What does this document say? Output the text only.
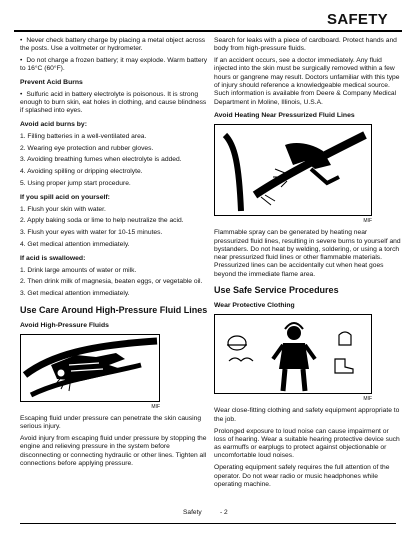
SAFETY

• Never check battery charge by placing a metal object across the posts. Use a voltmeter or hydrometer.

• Do not charge a frozen battery; it may explode. Warm battery to 16°C (60°F).

Prevent Acid Burns

• Sulfuric acid in battery electrolyte is poisonous. It is strong enough to burn skin, eat holes in clothing, and cause blindness if splashed into eyes.

Avoid acid burns by:

1. Filling batteries in a well-ventilated area.

2. Wearing eye protection and rubber gloves.

3. Avoiding breathing fumes when electrolyte is added.

4. Avoiding spilling or dripping electrolyte.

5. Using proper jump start procedure.

If you spill acid on yourself:

1. Flush your skin with water.

2. Apply baking soda or lime to help neutralize the acid.

3. Flush your eyes with water for 10-15 minutes.

4. Get medical attention immediately.

If acid is swallowed:

1. Drink large amounts of water or milk.

2. Then drink milk of magnesia, beaten eggs, or vegetable oil.

3. Get medical attention immediately.

Use Care Around High-Pressure Fluid Lines
Avoid High-Pressure Fluids
MIF

Escaping fluid under pressure can penetrate the skin causing serious injury.

Avoid injury from escaping fluid under pressure by stopping the engine and relieving pressure in the system before disconnecting or connecting hydraulic or other lines. Tighten all connections before applying pressure.

Search for leaks with a piece of cardboard. Protect hands and body from high-pressure fluids.

If an accident occurs, see a doctor immediately. Any fluid injected into the skin must be surgically removed within a few hours or gangrene may result. Doctors unfamiliar with this type of injury should reference a knowledgeable medical source. Such information is available from Deere & Company Medical Department in Moline, Illinois, U.S.A.

Avoid Heating Near Pressurized Fluid Lines
MIF

Flammable spray can be generated by heating near pressurized fluid lines, resulting in severe burns to yourself and bystanders. Do not heat by welding, soldering, or using a torch near pressurized fluid lines or other flammable materials. Pressurized lines can be accidentally cut when heat goes beyond the immediate flame area.

Use Safe Service Procedures
Wear Protective Clothing
MIF

Wear close-fitting clothing and safety equipment appropriate to the job.

Prolonged exposure to loud noise can cause impairment or loss of hearing. Wear a suitable hearing protective device such as earmuffs or earplugs to protect against objectionable or uncomfortable loud noises.

Operating equipment safely requires the full attention of the operator. Do not wear radio or music headphones while operating machine.

Safety	- 2
